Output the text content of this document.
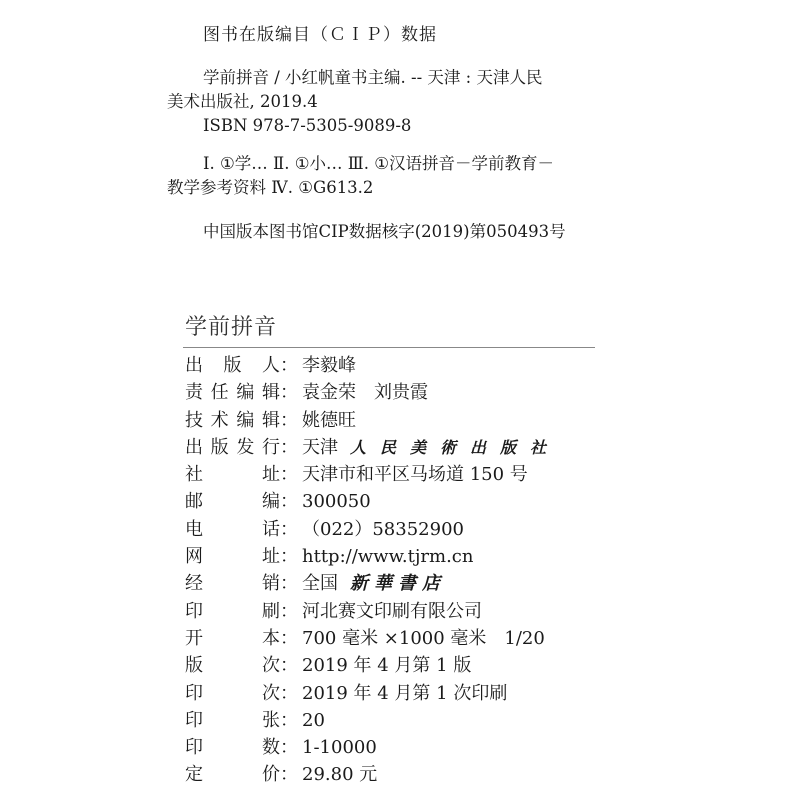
图书在版编目（ＣＩＰ）数据
学前拼音 / 小红帆童书主编. -- 天津 : 天津人民
美术出版社, 2019.4
ISBN 978-7-5305-9089-8
Ⅰ. ①学… Ⅱ. ①小… Ⅲ. ①汉语拼音－学前教育－
教学参考资料 Ⅳ. ①G613.2
中国版本图书馆CIP数据核字(2019)第050493号
学前拼音
出版人 ： 李毅峰
责任编辑 ： 袁金荣　刘贵霞
技术编辑 ： 姚德旺
出版发行 ： 天津 人民美術出版社
社址 ： 天津市和平区马场道 150 号
邮编 ： 300050
电话 ： （022）58352900
网址 ： http://www.tjrm.cn
经销 ： 全国 新華書店
印刷 ： 河北赛文印刷有限公司
开本 ： 700 毫米 ×1000 毫米　1/20
版次 ： 2019 年 4 月第 1 版
印次 ： 2019 年 4 月第 1 次印刷
印张 ： 20
印数 ： 1-10000
定价 ： 29.80 元
